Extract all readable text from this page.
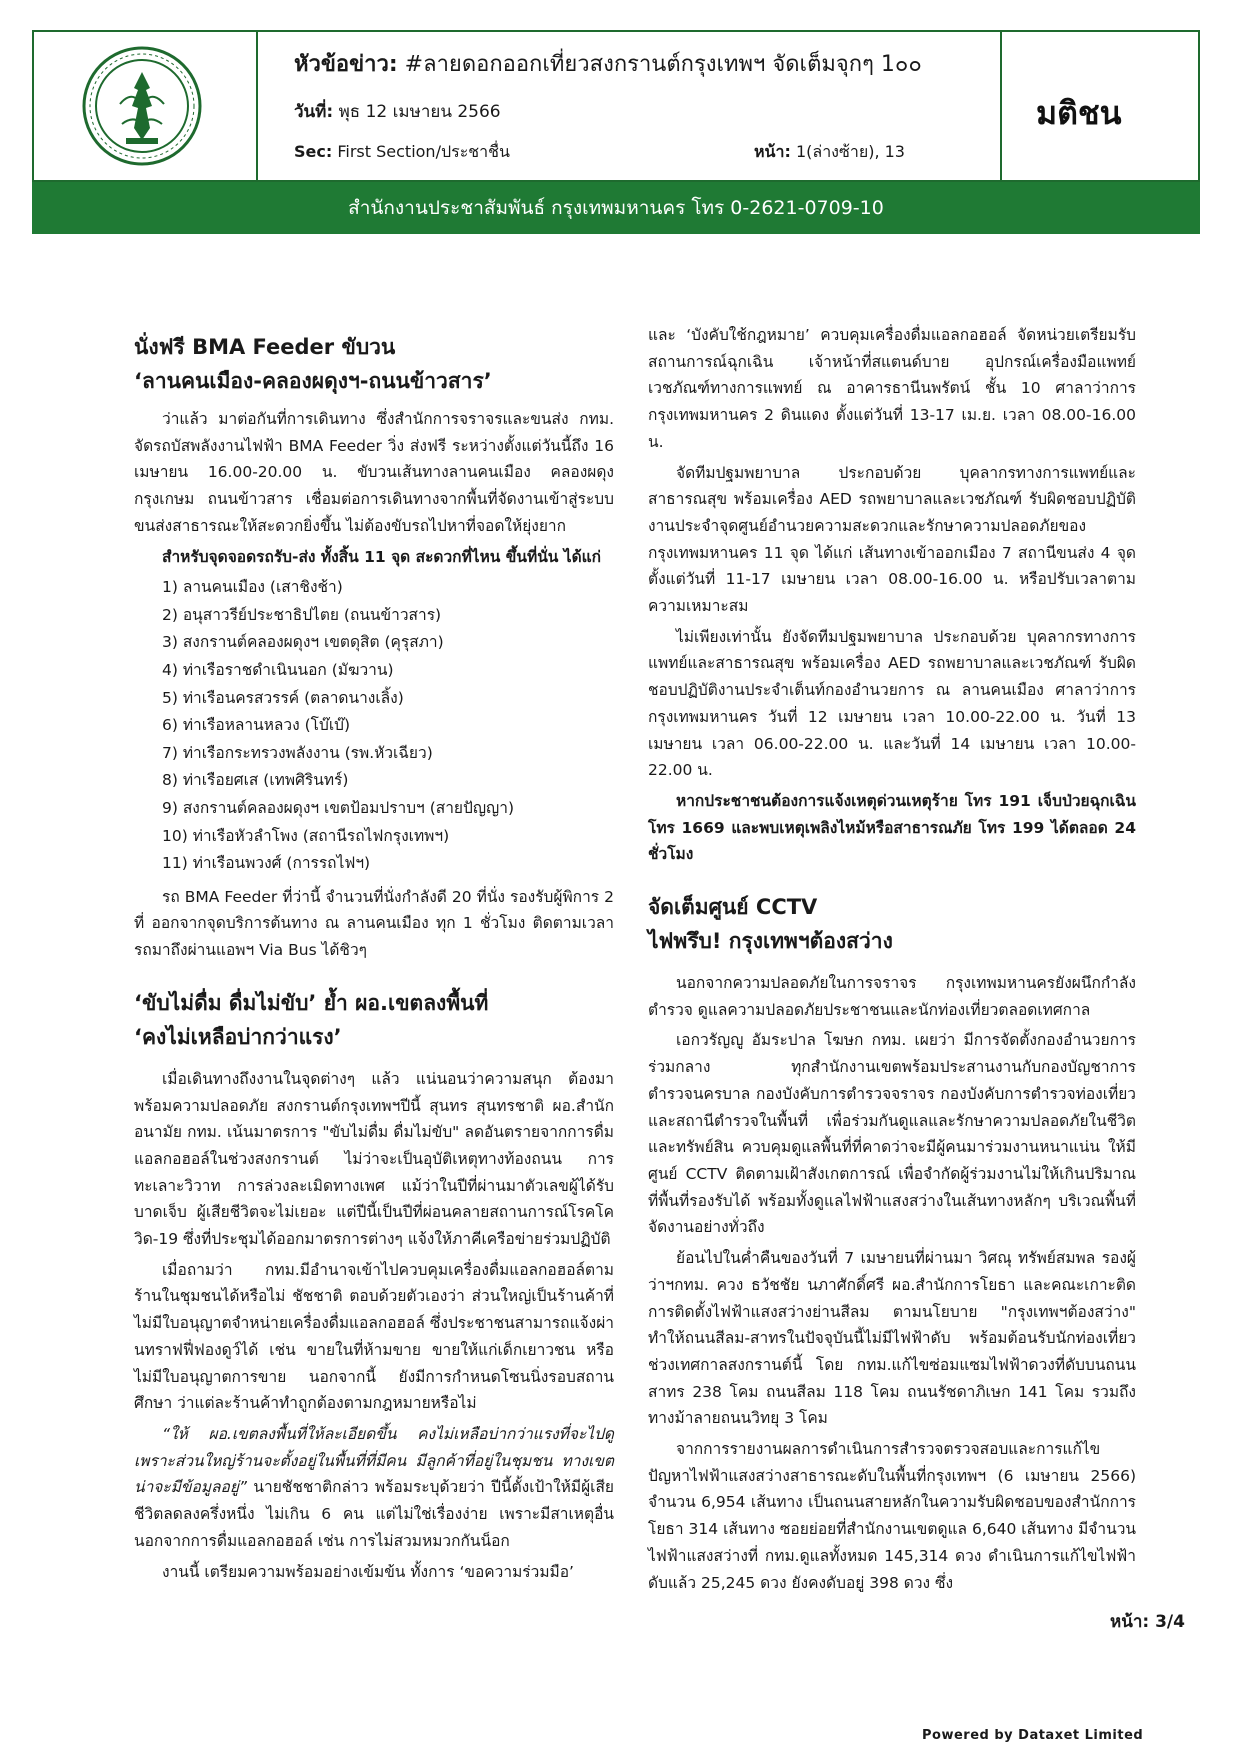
หัวข้อข่าว: #ลายดอกออกเที่ยวสงกรานต์กรุงเทพฯ จัดเต็มจุกๆ 1๐๐
วันที่: พุธ 12 เมษายน 2566
Sec: First Section/ประชาชื่น	หน้า: 1(ล่างซ้าย), 13
มติชน
สำนักงานประชาสัมพันธ์ กรุงเทพมหานคร โทร 0-2621-0709-10
นั่งฟรี BMA Feeder ขับวน
‘ลานคนเมือง-คลองผดุงฯ-ถนนข้าวสาร’

ว่าแล้ว มาต่อกันที่การเดินทาง ซึ่งสำนักการจราจรและขนส่ง กทม. จัดรถบัสพลังงานไฟฟ้า BMA Feeder วิ่ง ส่งฟรี ระหว่างตั้งแต่วันนี้ถึง 16 เมษายน 16.00-20.00 น. ขับวนเส้นทางลานคนเมือง คลองผดุงกรุงเกษม ถนนข้าวสาร เชื่อมต่อการเดินทางจากพื้นที่จัดงานเข้าสู่ระบบขนส่งสาธารณะให้สะดวกยิ่งขึ้น ไม่ต้องขับรถไปหาที่จอดให้ยุ่งยาก

สำหรับจุดจอดรถรับ-ส่ง ทั้งสิ้น 11 จุด สะดวกที่ไหน ขึ้นที่นั่น ได้แก่

1) ลานคนเมือง (เสาชิงช้า)
2) อนุสาวรีย์ประชาธิปไตย (ถนนข้าวสาร)
3) สงกรานต์คลองผดุงฯ เขตดุสิต (คุรุสภา)
4) ท่าเรือราชดำเนินนอก (มัฆวาน)
5) ท่าเรือนครสวรรค์ (ตลาดนางเลิ้ง)
6) ท่าเรือหลานหลวง (โบ๊เบ๊)
7) ท่าเรือกระทรวงพลังงาน (รพ.หัวเฉียว)
8) ท่าเรือยศเส (เทพศิรินทร์)
9) สงกรานต์คลองผดุงฯ เขตป้อมปราบฯ (สายปัญญา)
10) ท่าเรือหัวลำโพง (สถานีรถไฟกรุงเทพฯ)
11) ท่าเรือนพวงศ์ (การรถไฟฯ)

รถ BMA Feeder ที่ว่านี้ จำนวนที่นั่งกำลังดี 20 ที่นั่ง รองรับผู้พิการ 2 ที่ ออกจากจุดบริการต้นทาง ณ ลานคนเมือง ทุก 1 ชั่วโมง ติดตามเวลารถมาถึงผ่านแอพฯ Via Bus ได้ชิวๆ

‘ขับไม่ดื่ม ดื่มไม่ขับ’ ย้ำ ผอ.เขตลงพื้นที่
‘คงไม่เหลือบ่ากว่าแรง’

เมื่อเดินทางถึงงานในจุดต่างๆ แล้ว แน่นอนว่าความสนุก ต้องมาพร้อมความปลอดภัย สงกรานต์กรุงเทพฯปีนี้ สุนทร สุนทรชาติ ผอ.สำนักอนามัย กทม. เน้นมาตรการ "ขับไม่ดื่ม ดื่มไม่ขับ" ลดอันตรายจากการดื่มแอลกอฮอล์ในช่วงสงกรานต์ ไม่ว่าจะเป็นอุบัติเหตุทางท้องถนน การทะเลาะวิวาท การล่วงละเมิดทางเพศ แม้ว่าในปีที่ผ่านมาตัวเลขผู้ได้รับบาดเจ็บ ผู้เสียชีวิตจะไม่เยอะ แต่ปีนี้เป็นปีที่ผ่อนคลายสถานการณ์โรคโควิด-19 ซึ่งที่ประชุมได้ออกมาตรการต่างๆ แจ้งให้ภาคีเครือข่ายร่วมปฏิบัติ

เมื่อถามว่า กทม.มีอำนาจเข้าไปควบคุมเครื่องดื่มแอลกอฮอล์ตามร้านในชุมชนได้หรือไม่ ชัชชาติ ตอบด้วยตัวเองว่า ส่วนใหญ่เป็นร้านค้าที่ไม่มีใบอนุญาตจำหน่ายเครื่องดื่มแอลกอฮอล์ ซึ่งประชาชนสามารถแจ้งผ่านทราฟฟี่ฟองดูว์ได้ เช่น ขายในที่ห้ามขาย ขายให้แก่เด็กเยาวชน หรือไม่มีใบอนุญาตการขาย นอกจากนี้ ยังมีการกำหนดโซนนิ่งรอบสถานศึกษา ว่าแต่ละร้านค้าทำถูกต้องตามกฎหมายหรือไม่

“ให้ ผอ.เขตลงพื้นที่ให้ละเอียดขึ้น คงไม่เหลือบ่ากว่าแรงที่จะไปดู เพราะส่วนใหญ่ร้านจะตั้งอยู่ในพื้นที่ที่มีคน มีลูกค้าที่อยู่ในชุมชน ทางเขตน่าจะมีข้อมูลอยู่” นายชัชชาติกล่าว พร้อมระบุด้วยว่า ปีนี้ตั้งเป้าให้มีผู้เสียชีวิตลดลงครึ่งหนึ่ง ไม่เกิน 6 คน แต่ไม่ใช่เรื่องง่าย เพราะมีสาเหตุอื่นนอกจากการดื่มแอลกอฮอล์ เช่น การไม่สวมหมวกกันน็อก

งานนี้ เตรียมความพร้อมอย่างเข้มข้น ทั้งการ ‘ขอความร่วมมือ’

และ ‘บังคับใช้กฎหมาย’ ควบคุมเครื่องดื่มแอลกอฮอล์ จัดหน่วยเตรียมรับสถานการณ์ฉุกเฉิน เจ้าหน้าที่สแตนด์บาย อุปกรณ์เครื่องมือแพทย์ เวชภัณฑ์ทางการแพทย์ ณ อาคารธานีนพรัตน์ ชั้น 10 ศาลาว่าการกรุงเทพมหานคร 2 ดินแดง ตั้งแต่วันที่ 13-17 เม.ย. เวลา 08.00-16.00 น.

จัดทีมปฐมพยาบาล ประกอบด้วย บุคลากรทางการแพทย์และสาธารณสุข พร้อมเครื่อง AED รถพยาบาลและเวชภัณฑ์ รับผิดชอบปฏิบัติงานประจำจุดศูนย์อำนวยความสะดวกและรักษาความปลอดภัยของกรุงเทพมหานคร 11 จุด ได้แก่ เส้นทางเข้าออกเมือง 7 สถานีขนส่ง 4 จุด ตั้งแต่วันที่ 11-17 เมษายน เวลา 08.00-16.00 น. หรือปรับเวลาตามความเหมาะสม

ไม่เพียงเท่านั้น ยังจัดทีมปฐมพยาบาล ประกอบด้วย บุคลากรทางการแพทย์และสาธารณสุข พร้อมเครื่อง AED รถพยาบาลและเวชภัณฑ์ รับผิดชอบปฏิบัติงานประจำเต็นท์กองอำนวยการ ณ ลานคนเมือง ศาลาว่าการกรุงเทพมหานคร วันที่ 12 เมษายน เวลา 10.00-22.00 น. วันที่ 13 เมษายน เวลา 06.00-22.00 น. และวันที่ 14 เมษายน เวลา 10.00-22.00 น.

หากประชาชนต้องการแจ้งเหตุด่วนเหตุร้าย โทร 191 เจ็บป่วยฉุกเฉิน โทร 1669 และพบเหตุเพลิงไหม้หรือสาธารณภัย โทร 199 ได้ตลอด 24 ชั่วโมง

จัดเต็มศูนย์ CCTV
ไฟพรึบ! กรุงเทพฯต้องสว่าง

นอกจากความปลอดภัยในการจราจร กรุงเทพมหานครยังผนึกกำลังตำรวจ ดูแลความปลอดภัยประชาชนและนักท่องเที่ยวตลอดเทศกาล

เอกวรัญญู อัมระปาล โฆษก กทม. เผยว่า มีการจัดตั้งกองอำนวยการร่วมกลาง ทุกสำนักงานเขตพร้อมประสานงานกับกองบัญชาการตำรวจนครบาล กองบังคับการตำรวจจราจร กองบังคับการตำรวจท่องเที่ยว และสถานีตำรวจในพื้นที่ เพื่อร่วมกันดูแลและรักษาความปลอดภัยในชีวิตและทรัพย์สิน ควบคุมดูแลพื้นที่ที่คาดว่าจะมีผู้คนมาร่วมงานหนาแน่น ให้มีศูนย์ CCTV ติดตามเฝ้าสังเกตการณ์ เพื่อจำกัดผู้ร่วมงานไม่ให้เกินปริมาณที่พื้นที่รองรับได้ พร้อมทั้งดูแลไฟฟ้าแสงสว่างในเส้นทางหลักๆ บริเวณพื้นที่จัดงานอย่างทั่วถึง

ย้อนไปในค่ำคืนของวันที่ 7 เมษายนที่ผ่านมา วิศณุ ทรัพย์สมพล รองผู้ว่าฯกทม. ควง ธวัชชัย นภาศักดิ์ศรี ผอ.สำนักการโยธา และคณะเกาะติดการติดตั้งไฟฟ้าแสงสว่างย่านสีลม ตามนโยบาย "กรุงเทพฯต้องสว่าง" ทำให้ถนนสีลม-สาทรในปัจจุบันนี้ไม่มีไฟฟ้าดับ พร้อมต้อนรับนักท่องเที่ยวช่วงเทศกาลสงกรานต์นี้ โดย กทม.แก้ไขซ่อมแซมไฟฟ้าดวงที่ดับบนถนนสาทร 238 โคม ถนนสีลม 118 โคม ถนนรัชดาภิเษก 141 โคม รวมถึงทางม้าลายถนนวิทยุ 3 โคม

จากการรายงานผลการดำเนินการสำรวจตรวจสอบและการแก้ไขปัญหาไฟฟ้าแสงสว่างสาธารณะดับในพื้นที่กรุงเทพฯ (6 เมษายน 2566) จำนวน 6,954 เส้นทาง เป็นถนนสายหลักในความรับผิดชอบของสำนักการโยธา 314 เส้นทาง ซอยย่อยที่สำนักงานเขตดูแล 6,640 เส้นทาง มีจำนวนไฟฟ้าแสงสว่างที่ กทม.ดูแลทั้งหมด 145,314 ดวง ดำเนินการแก้ไขไฟฟ้าดับแล้ว 25,245 ดวง ยังคงดับอยู่ 398 ดวง ซึ่ง

หน้า: 3/4
Powered by Dataxet Limited
